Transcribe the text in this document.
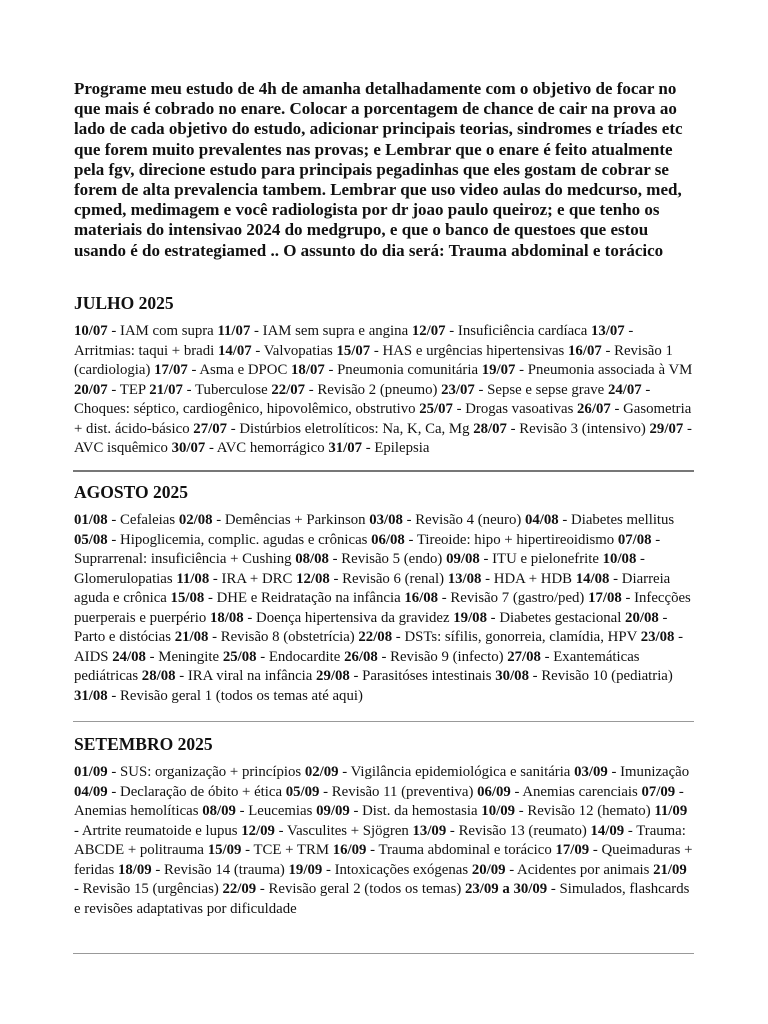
Programe meu estudo de 4h de amanha detalhadamente com o objetivo de focar no que mais é cobrado no enare. Colocar a porcentagem de chance de cair na prova ao lado de cada objetivo do estudo, adicionar principais teorias, sindromes e tríades etc que forem muito prevalentes nas provas; e Lembrar que o enare é feito atualmente pela fgv, direcione estudo para principais pegadinhas que eles gostam de cobrar se forem de alta prevalencia tambem. Lembrar que uso video aulas do medcurso, med, cpmed, medimagem e você radiologista por dr joao paulo queiroz; e que tenho os materiais do intensivao 2024 do medgrupo, e que o banco de questoes que estou usando é do estrategiamed .. O assunto do dia será: Trauma abdominal e torácico

JULHO 2025

10/07 - IAM com supra 11/07 - IAM sem supra e angina 12/07 - Insuficiência cardíaca 13/07 - Arritmias: taqui + bradi 14/07 - Valvopatias 15/07 - HAS e urgências hipertensivas 16/07 - Revisão 1 (cardiologia) 17/07 - Asma e DPOC 18/07 - Pneumonia comunitária 19/07 - Pneumonia associada à VM 20/07 - TEP 21/07 - Tuberculose 22/07 - Revisão 2 (pneumo) 23/07 - Sepse e sepse grave 24/07 - Choques: séptico, cardiogênico, hipovolêmico, obstrutivo 25/07 - Drogas vasoativas 26/07 - Gasometria + dist. ácido-básico 27/07 - Distúrbios eletrolíticos: Na, K, Ca, Mg 28/07 - Revisão 3 (intensivo) 29/07 - AVC isquêmico 30/07 - AVC hemorrágico 31/07 - Epilepsia

AGOSTO 2025

01/08 - Cefaleias 02/08 - Demências + Parkinson 03/08 - Revisão 4 (neuro) 04/08 - Diabetes mellitus 05/08 - Hipoglicemia, complic. agudas e crônicas 06/08 - Tireoide: hipo + hipertireoidismo 07/08 - Suprarrenal: insuficiência + Cushing 08/08 - Revisão 5 (endo) 09/08 - ITU e pielonefrite 10/08 - Glomerulopatias 11/08 - IRA + DRC 12/08 - Revisão 6 (renal) 13/08 - HDA + HDB 14/08 - Diarreia aguda e crônica 15/08 - DHE e Reidratação na infância 16/08 - Revisão 7 (gastro/ped) 17/08 - Infecções puerperais e puerpério 18/08 - Doença hipertensiva da gravidez 19/08 - Diabetes gestacional 20/08 - Parto e distócias 21/08 - Revisão 8 (obstetrícia) 22/08 - DSTs: sífilis, gonorreia, clamídia, HPV 23/08 - AIDS 24/08 - Meningite 25/08 - Endocardite 26/08 - Revisão 9 (infecto) 27/08 - Exantemáticas pediátricas 28/08 - IRA viral na infância 29/08 - Parasitóses intestinais 30/08 - Revisão 10 (pediatria) 31/08 - Revisão geral 1 (todos os temas até aqui)

SETEMBRO 2025

01/09 - SUS: organização + princípios 02/09 - Vigilância epidemiológica e sanitária 03/09 - Imunização 04/09 - Declaração de óbito + ética 05/09 - Revisão 11 (preventiva) 06/09 - Anemias carenciais 07/09 - Anemias hemolíticas 08/09 - Leucemias 09/09 - Dist. da hemostasia 10/09 - Revisão 12 (hemato) 11/09 - Artrite reumatoide e lupus 12/09 - Vasculites + Sjögren 13/09 - Revisão 13 (reumato) 14/09 - Trauma: ABCDE + politrauma 15/09 - TCE + TRM 16/09 - Trauma abdominal e torácico 17/09 - Queimaduras + feridas 18/09 - Revisão 14 (trauma) 19/09 - Intoxicações exógenas 20/09 - Acidentes por animais 21/09 - Revisão 15 (urgências) 22/09 - Revisão geral 2 (todos os temas) 23/09 a 30/09 - Simulados, flashcards e revisões adaptativas por dificuldade
